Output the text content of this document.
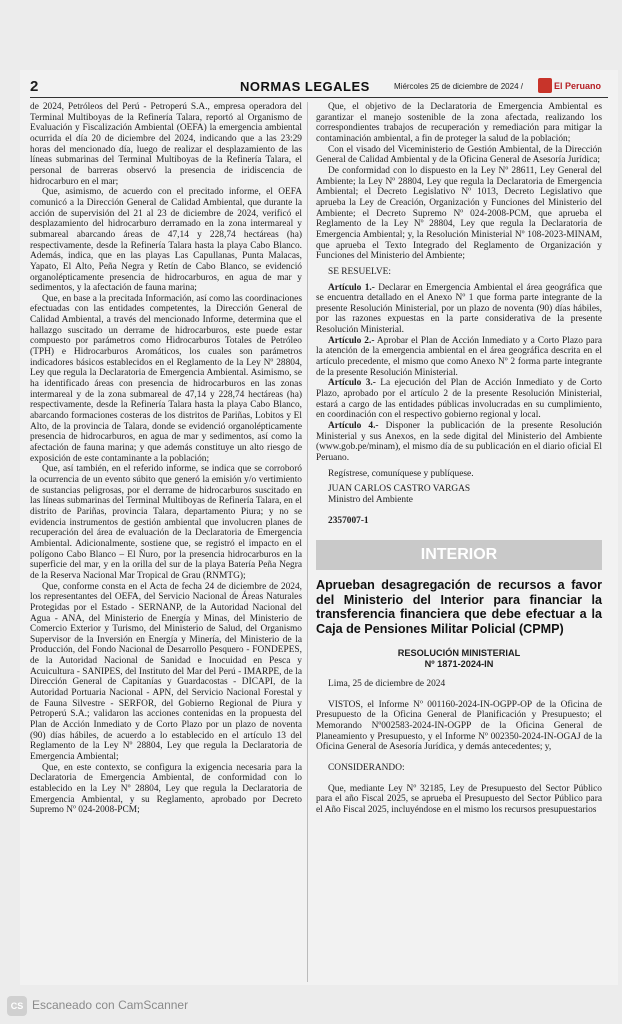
2	NORMAS LEGALES	Miércoles 25 de diciembre de 2024 /	El Peruano

de 2024, Petróleos del Perú - Petroperú S.A., empresa operadora del Terminal Multiboyas de la Refinería Talara, reportó al Organismo de Evaluación y Fiscalización Ambiental (OEFA) la emergencia ambiental ocurrida el día 20 de diciembre del 2024, indicando que a las 23:29 horas del mencionado día, luego de realizar el desplazamiento de las líneas submarinas del Terminal Multiboyas de la Refinería Talara, el personal de barreras observó la presencia de iridiscencia de hidrocarburo en el mar;

Que, asimismo, de acuerdo con el precitado informe, el OEFA comunicó a la Dirección General de Calidad Ambiental, que durante la acción de supervisión del 21 al 23 de diciembre de 2024, verificó el desplazamiento del hidrocarburo derramado en la zona intermareal y submareal abarcando áreas de 47,14 y 228,74 hectáreas (ha) respectivamente, desde la Refinería Talara hasta la playa Cabo Blanco. Además, indica, que en las playas Las Capullanas, Punta Malacas, Yapato, El Alto, Peña Negra y Retín de Cabo Blanco, se evidenció organolépticamente presencia de hidrocarburos, en agua de mar y sedimentos, y la afectación de fauna marina;

Que, en base a la precitada Información, así como las coordinaciones efectuadas con las entidades competentes, la Dirección General de Calidad Ambiental, a través del mencionado Informe, determina que el hallazgo suscitado un derrame de hidrocarburos, este puede estar compuesto por parámetros como Hidrocarburos Totales de Petróleo (TPH) e Hidrocarburos Aromáticos, los cuales son parámetros indicadores básicos establecidos en el Reglamento de la Ley Nº 28804, Ley que regula la Declaratoria de Emergencia Ambiental. Asimismo, se ha identificado áreas con presencia de hidrocarburos en las zonas intermareal y de la zona submareal de 47,14 y 228,74 hectáreas (ha) respectivamente, desde la Refinería Talara hasta la playa Cabo Blanco, abarcando formaciones costeras de los distritos de Pariñas, Lobitos y El Alto, de la provincia de Talara, donde se evidenció organolépticamente presencia de hidrocarburos, en agua de mar y sedimentos, así como la afectación de fauna marina; y que además constituye un alto riesgo de exposición de este contaminante a la población;

Que, así también, en el referido informe, se indica que se corroboró la ocurrencia de un evento súbito que generó la emisión y/o vertimiento de sustancias peligrosas, por el derrame de hidrocarburos suscitado en las líneas submarinas del Terminal Multiboyas de Refinería Talara, en el distrito de Pariñas, provincia Talara, departamento Piura; y no se evidencia instrumentos de gestión ambiental que involucren planes de recuperación del área de evaluación de la Declaratoria de Emergencia Ambiental. Adicionalmente, sostiene que, se registró el impacto en el polígono Cabo Blanco – El Ñuro, por la presencia hidrocarburos en la superficie del mar, y en la orilla del sur de la playa Batería Peña Negra de la Reserva Nacional Mar Tropical de Grau (RNMTG);

Que, conforme consta en el Acta de fecha 24 de diciembre de 2024, los representantes del OEFA, del Servicio Nacional de Áreas Naturales Protegidas por el Estado - SERNANP, de la Autoridad Nacional del Agua - ANA, del Ministerio de Energía y Minas, del Ministerio de Comercio Exterior y Turismo, del Ministerio de Salud, del Organismo Supervisor de la Inversión en Energía y Minería, del Ministerio de la Producción, del Fondo Nacional de Desarrollo Pesquero - FONDEPES, de la Autoridad Nacional de Sanidad e Inocuidad en Pesca y Acuicultura - SANIPES, del Instituto del Mar del Perú - IMARPE, de la Dirección General de Capitanías y Guardacostas - DICAPI, de la Autoridad Portuaria Nacional - APN, del Servicio Nacional Forestal y de Fauna Silvestre - SERFOR, del Gobierno Regional de Piura y Petroperú S.A.; validaron las acciones contenidas en la propuesta del Plan de Acción Inmediato y de Corto Plazo por un plazo de noventa (90) días hábiles, de acuerdo a lo establecido en el artículo 13 del Reglamento de la Ley Nº 28804, Ley que regula la Declaratoria de Emergencia Ambiental;

Que, en este contexto, se configura la exigencia necesaria para la Declaratoria de Emergencia Ambiental, de conformidad con lo establecido en la Ley Nº 28804, Ley que regula la Declaratoria de Emergencia Ambiental, y su Reglamento, aprobado por Decreto Supremo Nº 024-2008-PCM;

Que, el objetivo de la Declaratoria de Emergencia Ambiental es garantizar el manejo sostenible de la zona afectada, realizando los correspondientes trabajos de recuperación y remediación para mitigar la contaminación ambiental, a fin de proteger la salud de la población;

Con el visado del Viceministerio de Gestión Ambiental, de la Dirección General de Calidad Ambiental y de la Oficina General de Asesoría Jurídica;

De conformidad con lo dispuesto en la Ley Nº 28611, Ley General del Ambiente; la Ley Nº 28804, Ley que regula la Declaratoria de Emergencia Ambiental; el Decreto Legislativo Nº 1013, Decreto Legislativo que aprueba la Ley de Creación, Organización y Funciones del Ministerio del Ambiente; el Decreto Supremo Nº 024-2008-PCM, que aprueba el Reglamento de la Ley Nº 28804, Ley que regula la Declaratoria de Emergencia Ambiental; y, la Resolución Ministerial Nº 108-2023-MINAM, que aprueba el Texto Integrado del Reglamento de Organización y Funciones del Ministerio del Ambiente;

SE RESUELVE:

Artículo 1.- Declarar en Emergencia Ambiental el área geográfica que se encuentra detallado en el Anexo Nº 1 que forma parte integrante de la presente Resolución Ministerial, por un plazo de noventa (90) días hábiles, por las razones expuestas en la parte considerativa de la presente Resolución Ministerial.

Artículo 2.- Aprobar el Plan de Acción Inmediato y a Corto Plazo para la atención de la emergencia ambiental en el área geográfica descrita en el artículo precedente, el mismo que como Anexo Nº 2 forma parte integrante de la presente Resolución Ministerial.

Artículo 3.- La ejecución del Plan de Acción Inmediato y de Corto Plazo, aprobado por el artículo 2 de la presente Resolución Ministerial, estará a cargo de las entidades públicas involucradas en su cumplimiento, en coordinación con el respectivo gobierno regional y local.

Artículo 4.- Disponer la publicación de la presente Resolución Ministerial y sus Anexos, en la sede digital del Ministerio del Ambiente (www.gob.pe/minam), el mismo día de su publicación en el diario oficial El Peruano.

Regístrese, comuníquese y publíquese.

JUAN CARLOS CASTRO VARGAS

Ministro del Ambiente

2357007-1

INTERIOR
Aprueban desagregación de recursos a favor del Ministerio del Interior para financiar la transferencia financiera que debe efectuar a la Caja de Pensiones Militar Policial (CPMP)
RESOLUCIÓN MINISTERIAL
Nº 1871-2024-IN

Lima, 25 de diciembre de 2024

VISTOS, el Informe Nº 001160-2024-IN-OGPP-OP de la Oficina de Presupuesto de la Oficina General de Planificación y Presupuesto; el Memorando Nº002583-2024-IN-OGPP de la Oficina General de Planeamiento y Presupuesto, y el Informe Nº 002350-2024-IN-OGAJ de la Oficina General de Asesoría Jurídica, y demás antecedentes; y,

CONSIDERANDO:

Que, mediante Ley Nº 32185, Ley de Presupuesto del Sector Público para el año Fiscal 2025, se aprueba el Presupuesto del Sector Público para el Año Fiscal 2025, incluyéndose en el mismo los recursos presupuestarios

CS Escaneado con CamScanner
